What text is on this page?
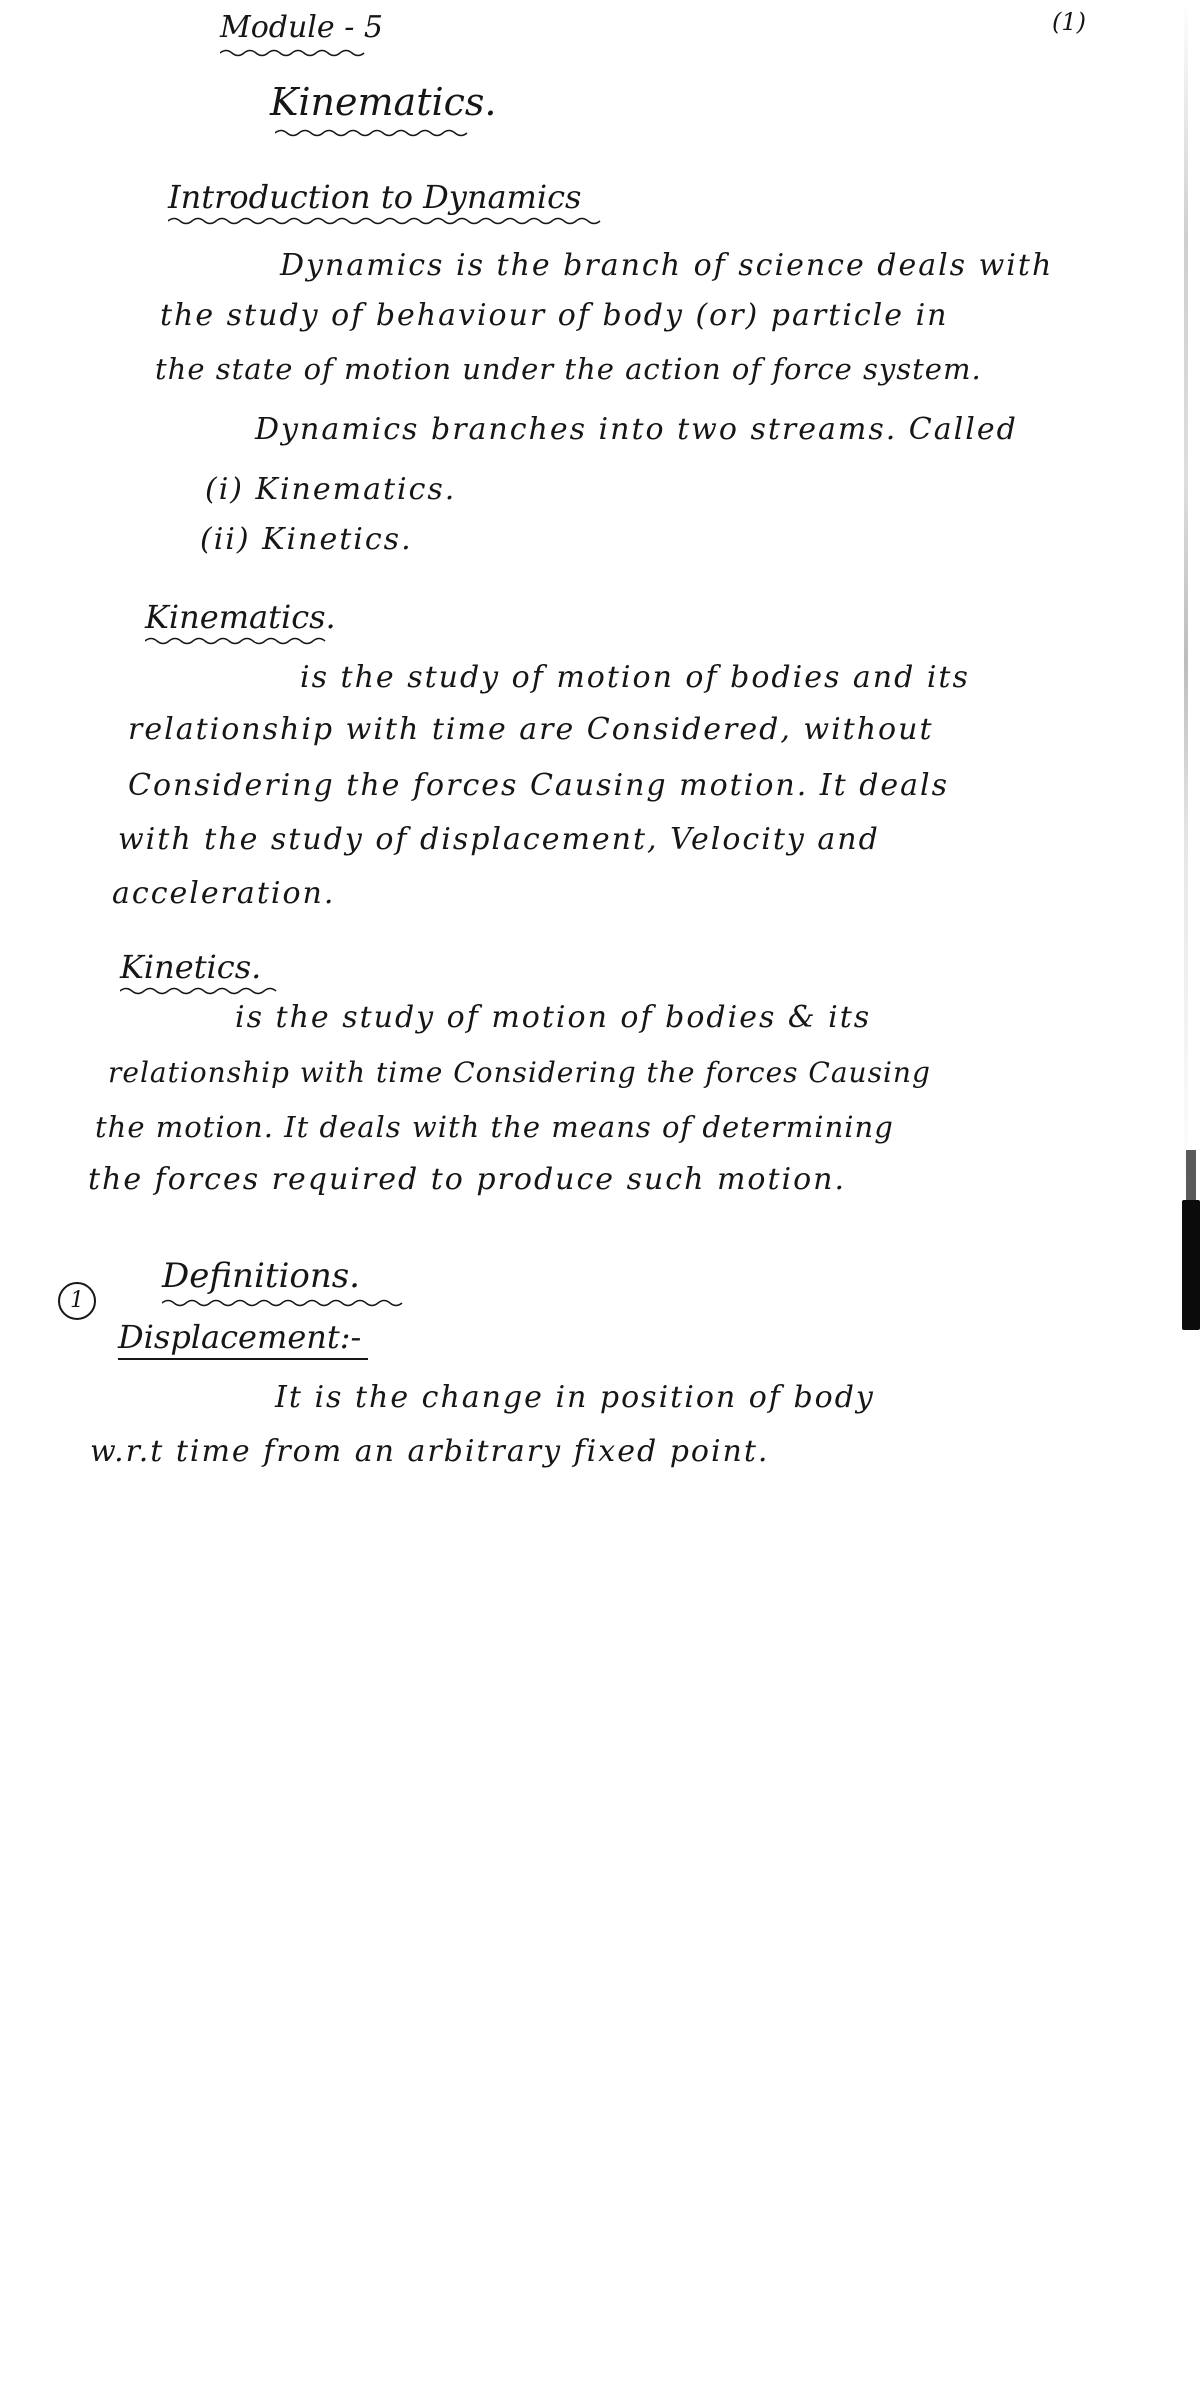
(1)
Module - 5
Kinematics.
Introduction to Dynamics
Dynamics is the branch of science deals with
the study of behaviour of body (or) particle in
the state of motion under the action of force system.
Dynamics branches into two streams. Called
(i) Kinematics.
(ii) Kinetics.
Kinematics.
is the study of motion of bodies and its
relationship with time are Considered, without
Considering the forces Causing motion. It deals
with the study of displacement, Velocity and
acceleration.
Kinetics.
is the study of motion of bodies & its
relationship with time Considering the forces Causing
the motion. It deals with the means of determining
the forces required to produce such motion.
Definitions.
1
Displacement:-
It is the change in position of body
w.r.t time from an arbitrary fixed point.
